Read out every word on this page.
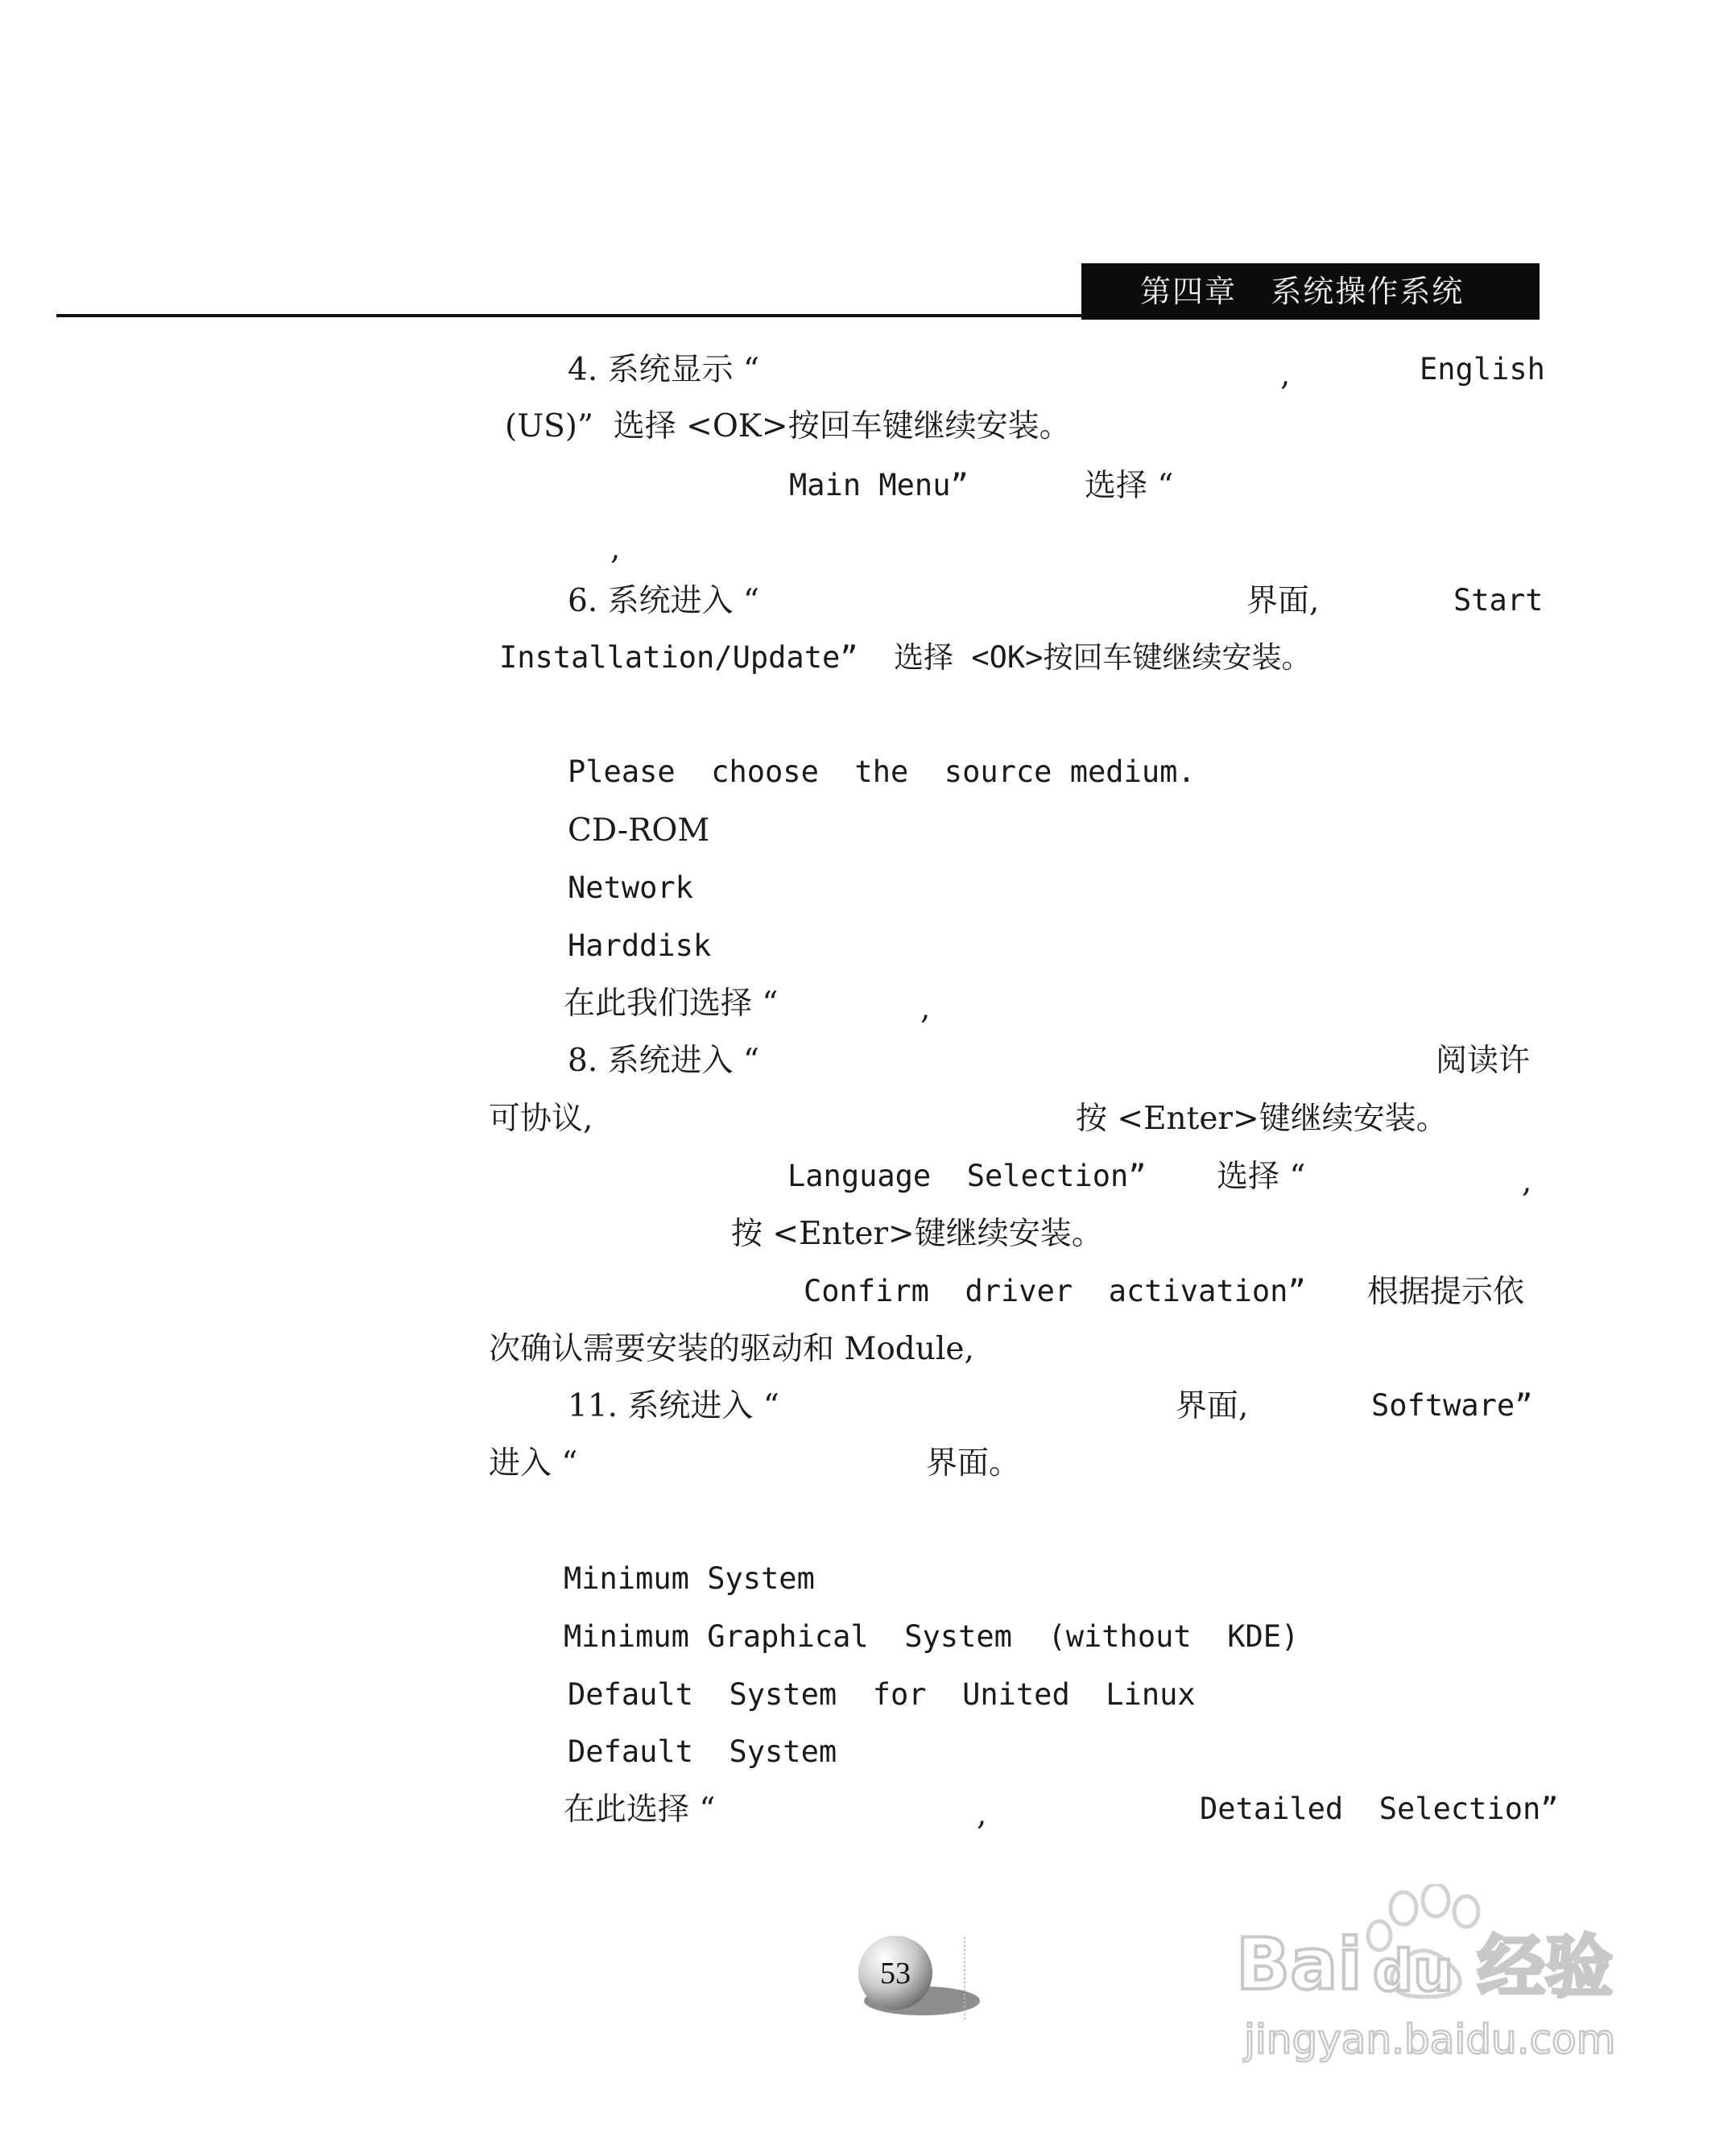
第四章   系统操作系统
4. 系统显示 “	,	English
(US)”  选择 <OK>按回车键继续安装。
Main Menu”	选择 “
,
6. 系统进入 “	界面,	Start
Installation/Update”  选择 <OK>按回车键继续安装。
Please  choose  the  source medium.
CD-ROM
Network
Harddisk
在此我们选择 “	,
8. 系统进入 “	阅读许
可协议,	按 <Enter>键继续安装。
Language  Selection” 选择 “	,
按 <Enter>键继续安装。
Confirm  driver  activation” 根据提示依
次确认需要安装的驱动和 Module,
11. 系统进入 “	界面,	Software”
进入 “	界面。
Minimum System
Minimum Graphical  System  (without  KDE)
Default  System  for  United  Linux
Default  System
在此选择 “	,	Detailed  Selection”
53	Bai du 经验
jingyan.baidu.com
